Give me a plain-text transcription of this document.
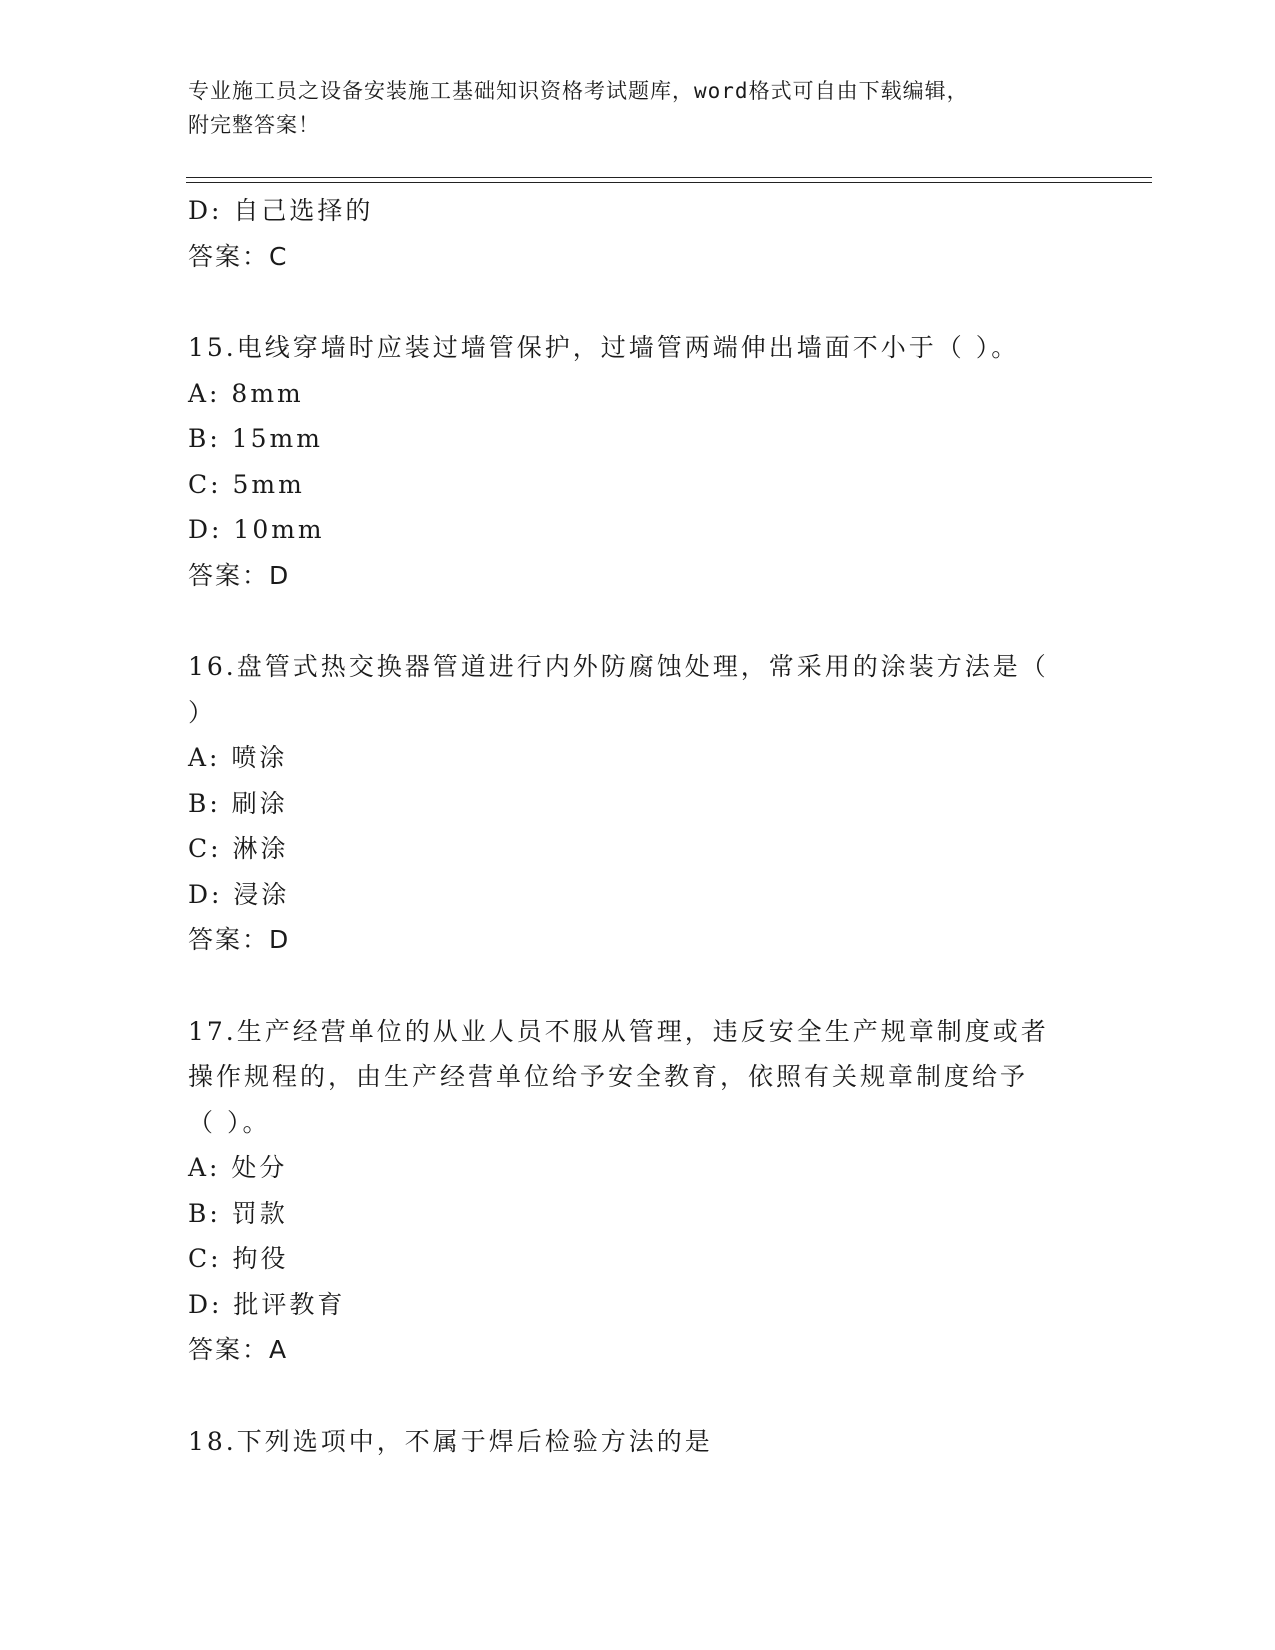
专业施工员之设备安装施工基础知识资格考试题库，word格式可自由下载编辑，
附完整答案！
D: 自己选择的
答案：C
15.电线穿墙时应装过墙管保护，过墙管两端伸出墙面不小于（ ）。
A: 8mm
B: 15mm
C: 5mm
D: 10mm
答案：D
16.盘管式热交换器管道进行内外防腐蚀处理，常采用的涂装方法是（
）
A: 喷涂
B: 刷涂
C: 淋涂
D: 浸涂
答案：D
17.生产经营单位的从业人员不服从管理，违反安全生产规章制度或者
操作规程的，由生产经营单位给予安全教育，依照有关规章制度给予
（ ）。
A: 处分
B: 罚款
C: 拘役
D: 批评教育
答案：A
18.下列选项中，不属于焊后检验方法的是
